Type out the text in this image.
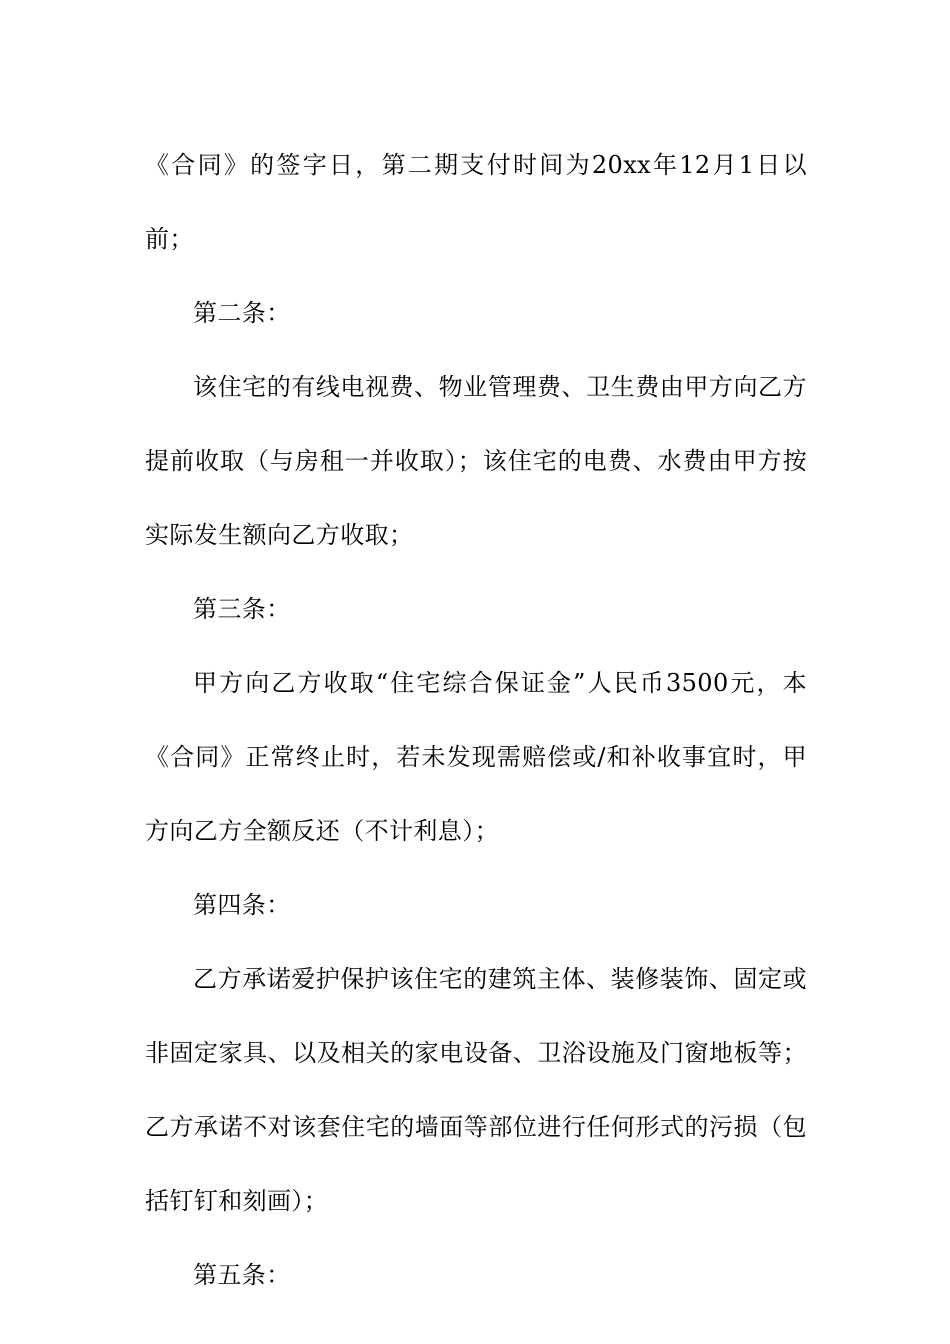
《合同》的签字日，第二期支付时间为20xx年12月1日以前；

第二条：

该住宅的有线电视费、物业管理费、卫生费由甲方向乙方提前收取（与房租一并收取）；该住宅的电费、水费由甲方按实际发生额向乙方收取；

第三条：

甲方向乙方收取“住宅综合保证金”人民币3500元，本《合同》正常终止时，若未发现需赔偿或/和补收事宜时，甲方向乙方全额反还（不计利息）；

第四条：

乙方承诺爱护保护该住宅的建筑主体、装修装饰、固定或非固定家具、以及相关的家电设备、卫浴设施及门窗地板等；乙方承诺不对该套住宅的墙面等部位进行任何形式的污损（包括钉钉和刻画）；

第五条：
